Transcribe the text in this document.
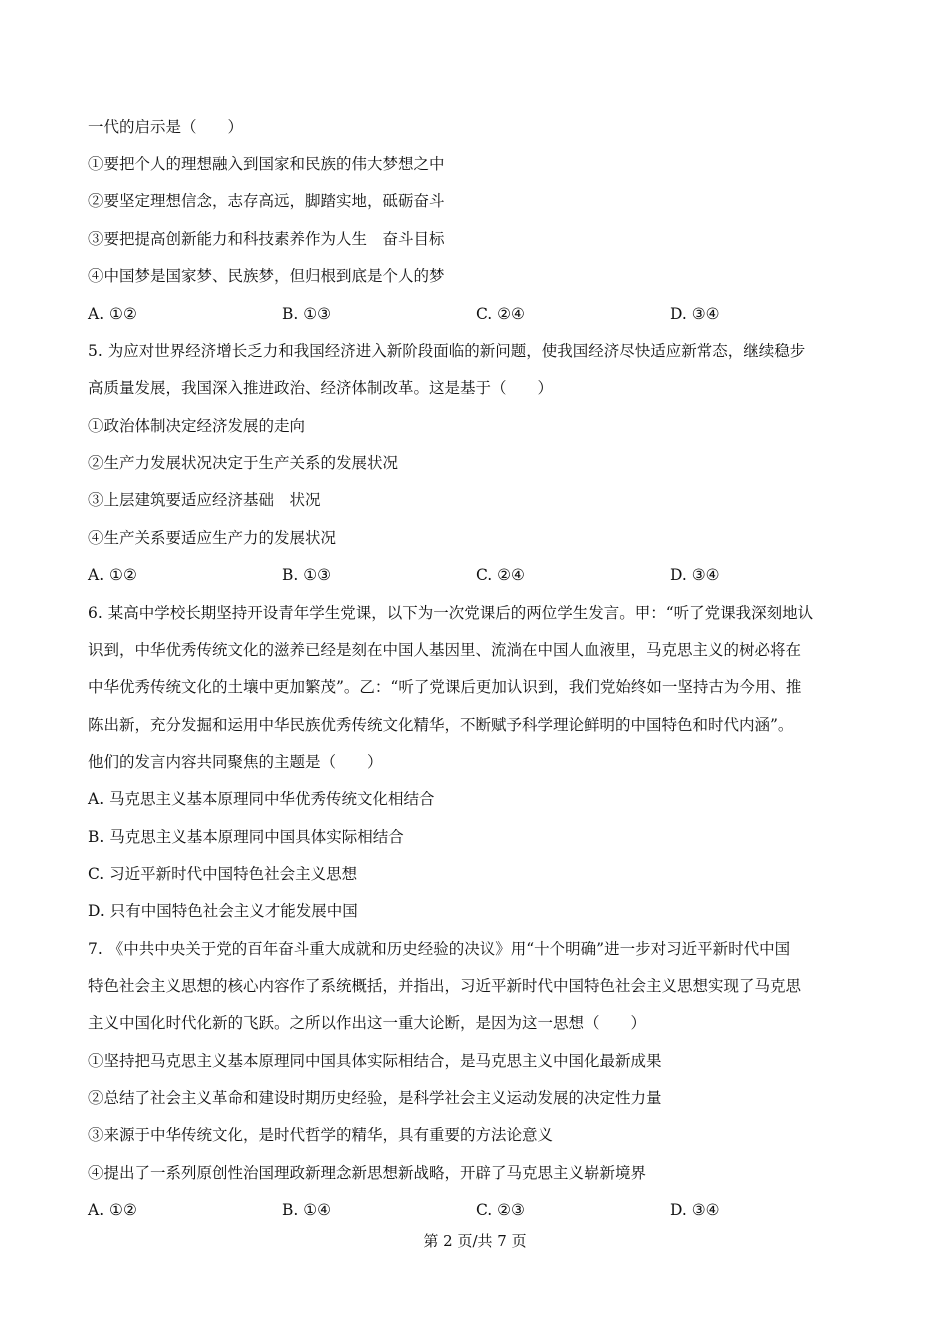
一代的启示是（　　）
①要把个人的理想融入到国家和民族的伟大梦想之中
②要坚定理想信念，志存高远，脚踏实地，砥砺奋斗
③要把提高创新能力和科技素养作为人生　奋斗目标
④中国梦是国家梦、民族梦，但归根到底是个人的梦
A. ①②	B. ①③	C. ②④	D. ③④
5. 为应对世界经济增长乏力和我国经济进入新阶段面临的新问题，使我国经济尽快适应新常态，继续稳步
高质量发展，我国深入推进政治、经济体制改革。这是基于（　　）
①政治体制决定经济发展的走向
②生产力发展状况决定于生产关系的发展状况
③上层建筑要适应经济基础　状况
④生产关系要适应生产力的发展状况
A. ①②	B. ①③	C. ②④	D. ③④
6. 某高中学校长期坚持开设青年学生党课，以下为一次党课后的两位学生发言。甲：“听了党课我深刻地认
识到，中华优秀传统文化的滋养已经是刻在中国人基因里、流淌在中国人血液里，马克思主义的树必将在
中华优秀传统文化的土壤中更加繁茂”。乙：“听了党课后更加认识到，我们党始终如一坚持古为今用、推
陈出新，充分发掘和运用中华民族优秀传统文化精华，不断赋予科学理论鲜明的中国特色和时代内涵”。
他们的发言内容共同聚焦的主题是（　　）
A. 马克思主义基本原理同中华优秀传统文化相结合
B. 马克思主义基本原理同中国具体实际相结合
C. 习近平新时代中国特色社会主义思想
D. 只有中国特色社会主义才能发展中国
7. 《中共中央关于党的百年奋斗重大成就和历史经验的决议》用“十个明确”进一步对习近平新时代中国
特色社会主义思想的核心内容作了系统概括，并指出，习近平新时代中国特色社会主义思想实现了马克思
主义中国化时代化新的飞跃。之所以作出这一重大论断，是因为这一思想（　　）
①坚持把马克思主义基本原理同中国具体实际相结合，是马克思主义中国化最新成果
②总结了社会主义革命和建设时期历史经验，是科学社会主义运动发展的决定性力量
③来源于中华传统文化，是时代哲学的精华，具有重要的方法论意义
④提出了一系列原创性治国理政新理念新思想新战略，开辟了马克思主义崭新境界
A. ①②	B. ①④	C. ②③	D. ③④
第 2 页/共 7 页
